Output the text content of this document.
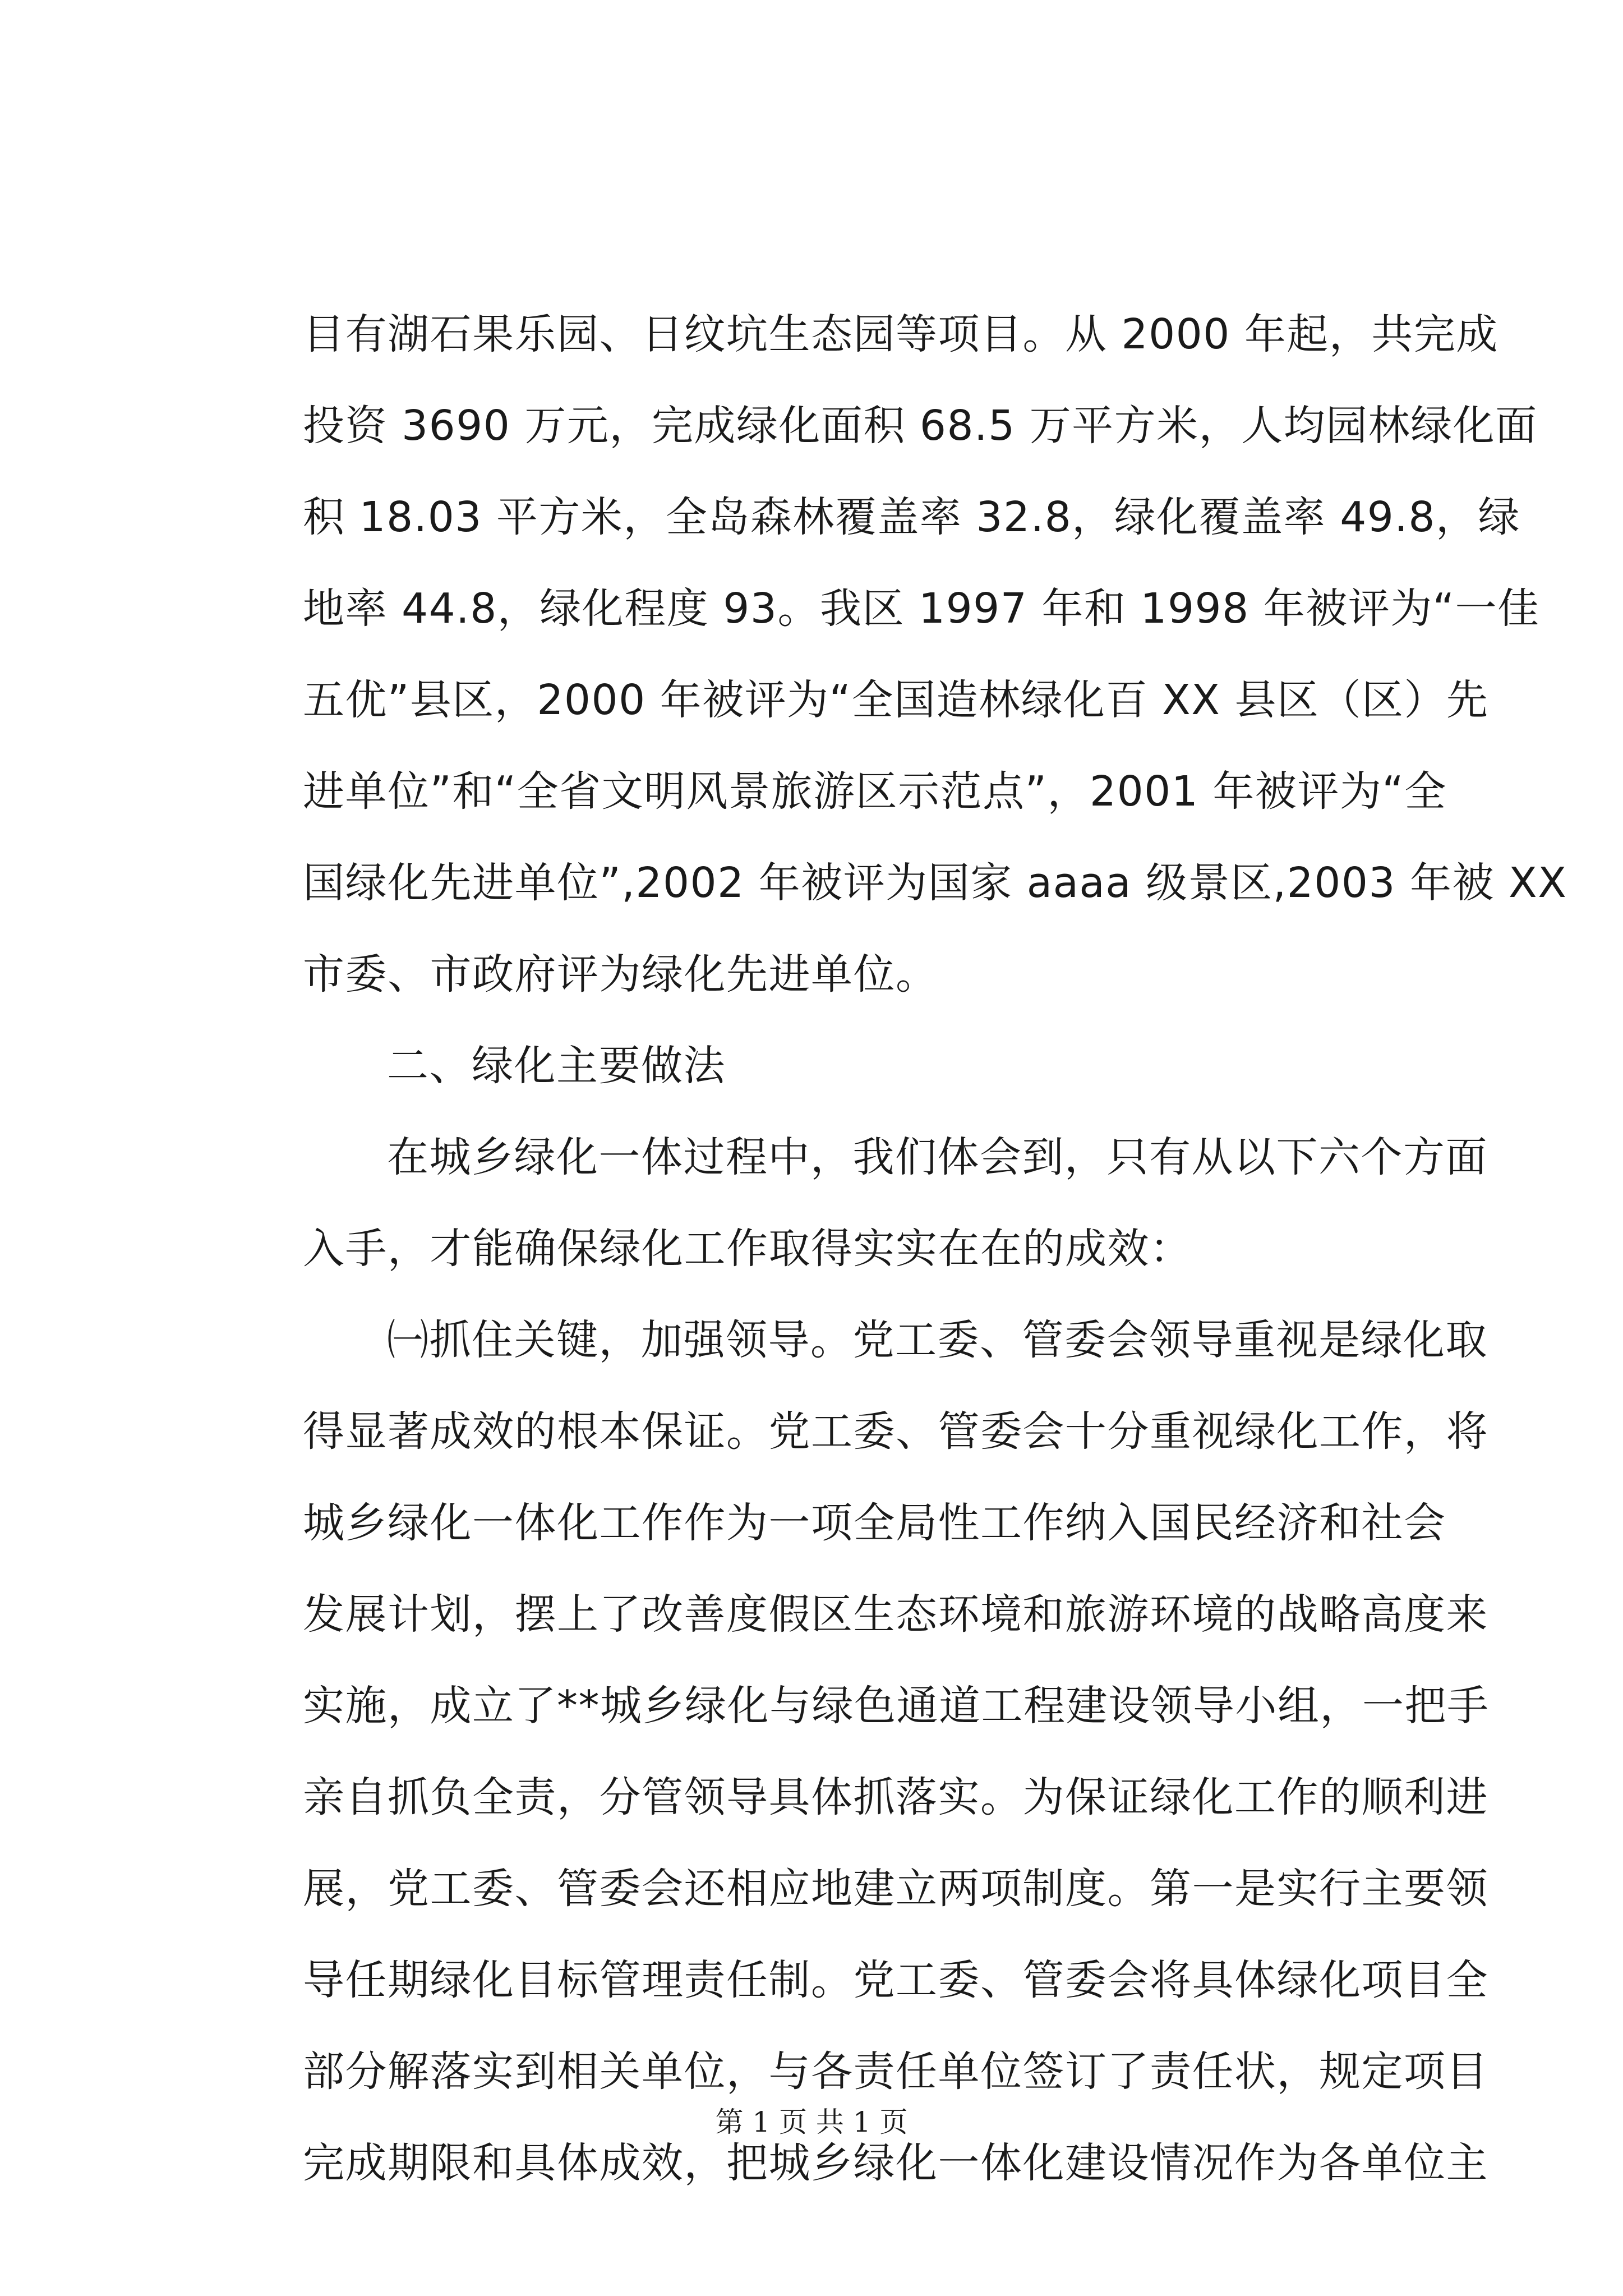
目有湖石果乐园、日纹坑生态园等项目。从 2000 年起，共完成
投资 3690 万元，完成绿化面积 68.5 万平方米，人均园林绿化面
积 18.03 平方米，全岛森林覆盖率 32.8，绿化覆盖率 49.8，绿
地率 44.8，绿化程度 93。我区 1997 年和 1998 年被评为“一佳
五优”县区，2000 年被评为“全国造林绿化百 XX 县区（区）先
进单位”和“全省文明风景旅游区示范点”，2001 年被评为“全
国绿化先进单位”,2002 年被评为国家 aaaa 级景区,2003 年被 XX
市委、市政府评为绿化先进单位。
二、绿化主要做法
在城乡绿化一体过程中，我们体会到，只有从以下六个方面
入手，才能确保绿化工作取得实实在在的成效：
㈠抓住关键，加强领导。党工委、管委会领导重视是绿化取
得显著成效的根本保证。党工委、管委会十分重视绿化工作，将
城乡绿化一体化工作作为一项全局性工作纳入国民经济和社会
发展计划，摆上了改善度假区生态环境和旅游环境的战略高度来
实施，成立了**城乡绿化与绿色通道工程建设领导小组，一把手
亲自抓负全责，分管领导具体抓落实。为保证绿化工作的顺利进
展，党工委、管委会还相应地建立两项制度。第一是实行主要领
导任期绿化目标管理责任制。党工委、管委会将具体绿化项目全
部分解落实到相关单位，与各责任单位签订了责任状，规定项目
完成期限和具体成效，把城乡绿化一体化建设情况作为各单位主
第 1 页 共 1 页
